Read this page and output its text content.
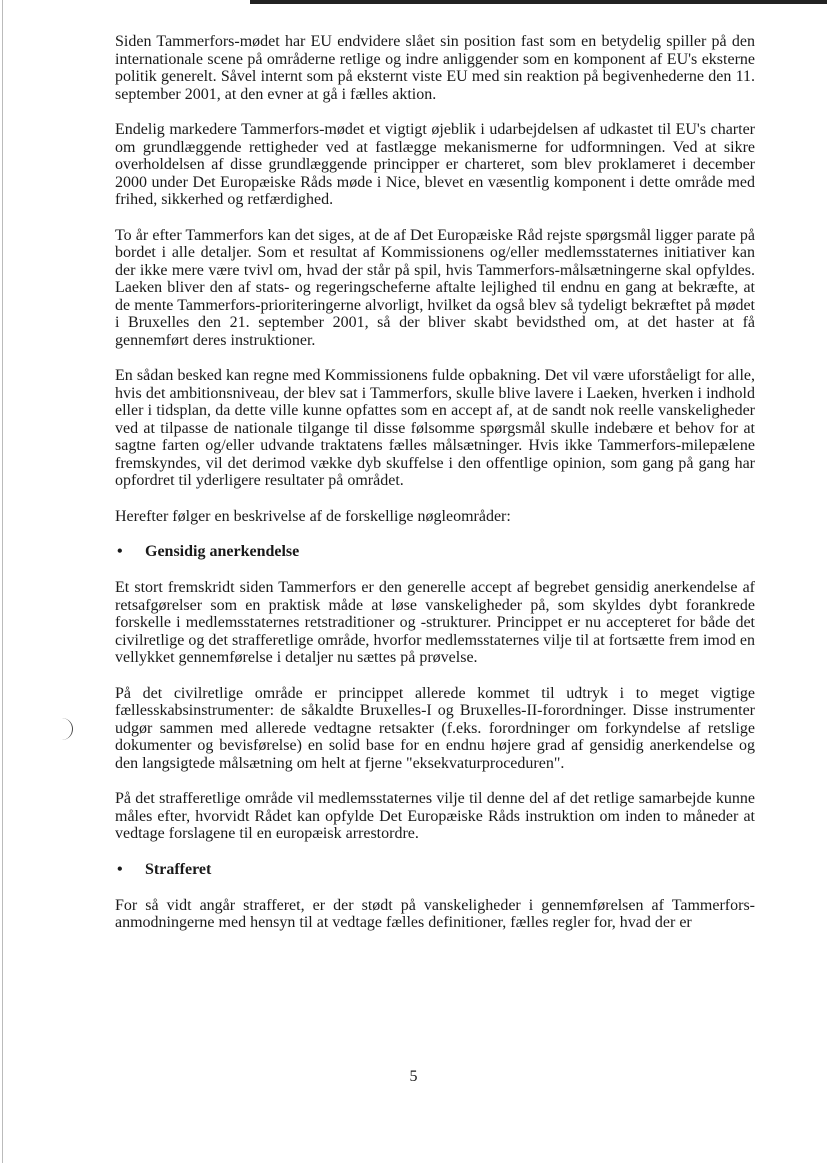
Siden Tammerfors-mødet har EU endvidere slået sin position fast som en betydelig spiller på den internationale scene på områderne retlige og indre anliggender som en komponent af EU's eksterne politik generelt. Såvel internt som på eksternt viste EU med sin reaktion på begivenhederne den 11. september 2001, at den evner at gå i fælles aktion.

Endelig markedere Tammerfors-mødet et vigtigt øjeblik i udarbejdelsen af udkastet til EU's charter om grundlæggende rettigheder ved at fastlægge mekanismerne for udformningen. Ved at sikre overholdelsen af disse grundlæggende principper er charteret, som blev proklameret i december 2000 under Det Europæiske Råds møde i Nice, blevet en væsentlig komponent i dette område med frihed, sikkerhed og retfærdighed.

To år efter Tammerfors kan det siges, at de af Det Europæiske Råd rejste spørgsmål ligger parate på bordet i alle detaljer. Som et resultat af Kommissionens og/eller medlemsstaternes initiativer kan der ikke mere være tvivl om, hvad der står på spil, hvis Tammerfors-målsætningerne skal opfyldes. Laeken bliver den af stats- og regeringscheferne aftalte lejlighed til endnu en gang at bekræfte, at de mente Tammerfors-prioriteringerne alvorligt, hvilket da også blev så tydeligt bekræftet på mødet i Bruxelles den 21. september 2001, så der bliver skabt bevidsthed om, at det haster at få gennemført deres instruktioner.

En sådan besked kan regne med Kommissionens fulde opbakning. Det vil være uforståeligt for alle, hvis det ambitionsniveau, der blev sat i Tammerfors, skulle blive lavere i Laeken, hverken i indhold eller i tidsplan, da dette ville kunne opfattes som en accept af, at de sandt nok reelle vanskeligheder ved at tilpasse de nationale tilgange til disse følsomme spørgsmål skulle indebære et behov for at sagtne farten og/eller udvande traktatens fælles målsætninger. Hvis ikke Tammerfors-milepælene fremskyndes, vil det derimod vække dyb skuffelse i den offentlige opinion, som gang på gang har opfordret til yderligere resultater på området.

Herefter følger en beskrivelse af de forskellige nøgleområder:

• Gensidig anerkendelse

Et stort fremskridt siden Tammerfors er den generelle accept af begrebet gensidig anerkendelse af retsafgørelser som en praktisk måde at løse vanskeligheder på, som skyldes dybt forankrede forskelle i medlemsstaternes retstraditioner og -strukturer. Princippet er nu accepteret for både det civilretlige og det strafferetlige område, hvorfor medlemsstaternes vilje til at fortsætte frem imod en vellykket gennemførelse i detaljer nu sættes på prøvelse.

På det civilretlige område er princippet allerede kommet til udtryk i to meget vigtige fællesskabsinstrumenter: de såkaldte Bruxelles-I og Bruxelles-II-forordninger. Disse instrumenter udgør sammen med allerede vedtagne retsakter (f.eks. forordninger om forkyndelse af retslige dokumenter og bevisførelse) en solid base for en endnu højere grad af gensidig anerkendelse og den langsigtede målsætning om helt at fjerne "eksekvaturproceduren".

På det strafferetlige område vil medlemsstaternes vilje til denne del af det retlige samarbejde kunne måles efter, hvorvidt Rådet kan opfylde Det Europæiske Råds instruktion om inden to måneder at vedtage forslagene til en europæisk arrestordre.

• Strafferet

For så vidt angår strafferet, er der stødt på vanskeligheder i gennemførelsen af Tammerfors-anmodningerne med hensyn til at vedtage fælles definitioner, fælles regler for, hvad der er

5
